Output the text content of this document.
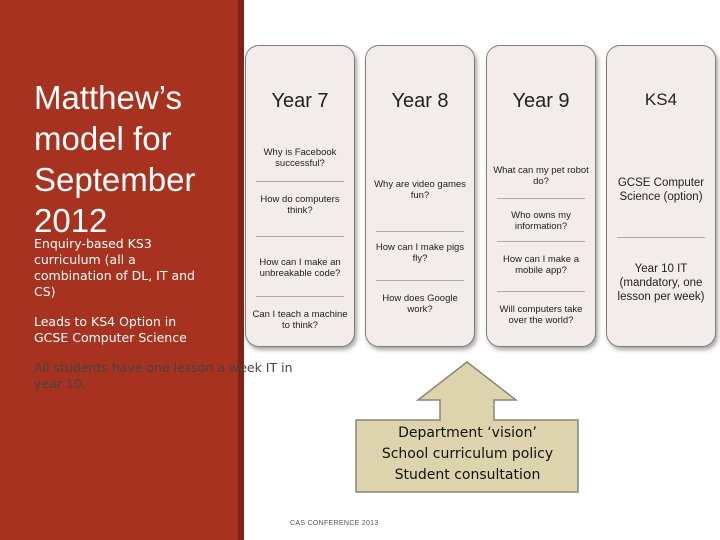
Matthew’s model for September 2012
Enquiry-based KS3 curriculum (all a combination of DL, IT and CS)
Leads to KS4 Option in GCSE Computer Science
Year 7
Why is Facebook successful?
How do computers think?
How can I make an unbreakable code?
Can I teach a machine to think?
Year 8
Why are video games fun?
How can I make pigs fly?
How does Google work?
Year 9
What can my pet robot do?
Who owns my information?
How can I make a mobile app?
Will computers take over the world?
KS4
GCSE Computer Science (option)
Year 10 IT (mandatory, one lesson per week)
All students have one lesson a week IT in year 10.
Department ‘vision’
School curriculum policy
Student consultation
CAS CONFERENCE 2013
